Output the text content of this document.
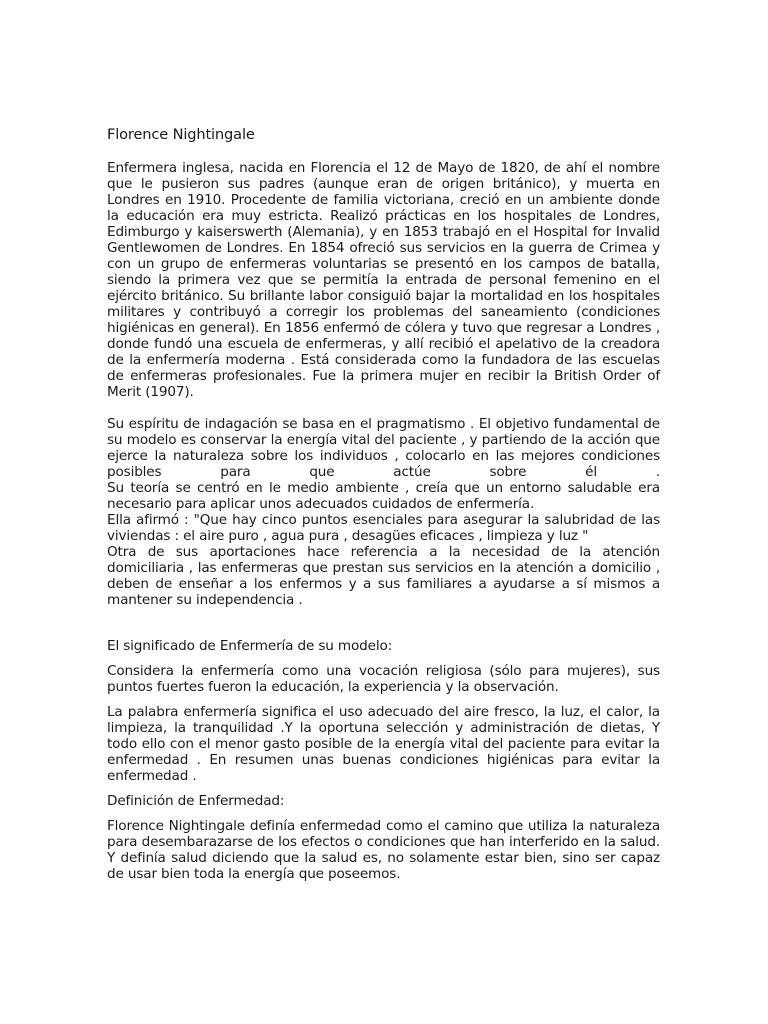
Florence Nightingale

Enfermera inglesa, nacida en Florencia el 12 de Mayo de 1820, de ahí el nombre que le pusieron sus padres (aunque eran de origen británico), y muerta en Londres en 1910. Procedente de familia victoriana, creció en un ambiente donde la educación era muy estricta. Realizó prácticas en los hospitales de Londres, Edimburgo y kaiserswerth (Alemania), y en 1853 trabajó en el Hospital for Invalid Gentlewomen de Londres. En 1854 ofreció sus servicios en la guerra de Crimea y con un grupo de enfermeras voluntarias se presentó en los campos de batalla, siendo la primera vez que se permitía la entrada de personal femenino en el ejército británico. Su brillante labor consiguió bajar la mortalidad en los hospitales militares y contribuyó a corregir los problemas del saneamiento (condiciones higiénicas en general). En 1856 enfermó de cólera y tuvo que regresar a Londres , donde fundó una escuela de enfermeras, y allí recibió el apelativo de la creadora de la enfermería moderna . Está considerada como la fundadora de las escuelas de enfermeras profesionales. Fue la primera mujer en recibir la British Order of Merit (1907).

Su espíritu de indagación se basa en el pragmatismo . El objetivo fundamental de su modelo es conservar la energía vital del paciente , y partiendo de la acción que ejerce la naturaleza sobre los individuos , colocarlo en las mejores condiciones posibles para que actúe sobre él .

Su teoría se centró en le medio ambiente , creía que un entorno saludable era necesario para aplicar unos adecuados cuidados de enfermería.

Ella afirmó : "Que hay cinco puntos esenciales para asegurar la salubridad de las viviendas : el aire puro , agua pura , desagües eficaces , limpieza y luz "

Otra de sus aportaciones hace referencia a la necesidad de la atención domiciliaria , las enfermeras que prestan sus servicios en la atención a domicilio , deben de enseñar a los enfermos y a sus familiares a ayudarse a sí mismos a mantener su independencia .

El significado de Enfermería de su modelo:

Considera la enfermería como una vocación religiosa (sólo para mujeres), sus puntos fuertes fueron la educación, la experiencia y la observación.

La palabra enfermería significa el uso adecuado del aire fresco, la luz, el calor, la limpieza, la tranquilidad .Y la oportuna selección y administración de dietas, Y todo ello con el menor gasto posible de la energía vital del paciente para evitar la enfermedad . En resumen unas buenas condiciones higiénicas para evitar la enfermedad .

Definición de Enfermedad:

Florence Nightingale definía enfermedad como el camino que utiliza la naturaleza para desembarazarse de los efectos o condiciones que han interferido en la salud. Y definía salud diciendo que la salud es, no solamente estar bien, sino ser capaz de usar bien toda la energía que poseemos.
